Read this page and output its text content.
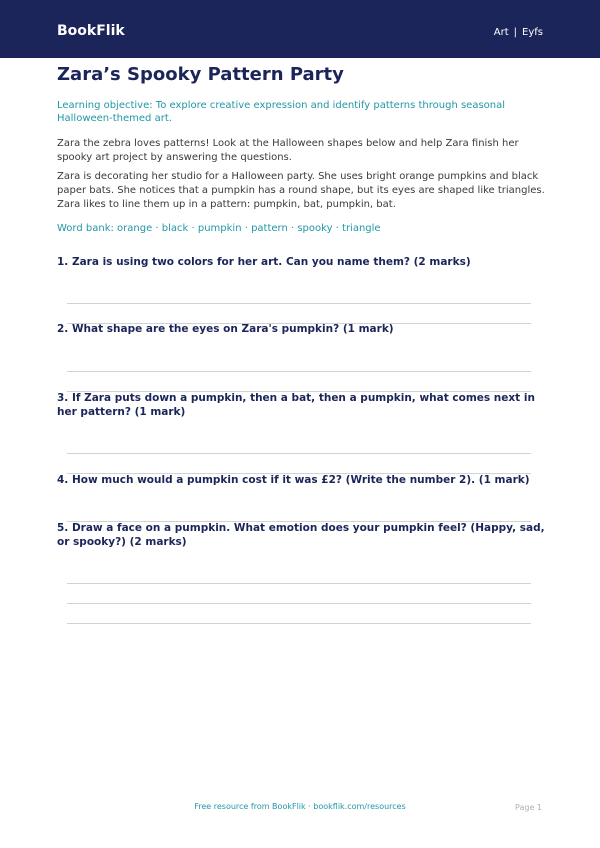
BookFlik	Art | Eyfs
Zara’s Spooky Pattern Party
Learning objective: To explore creative expression and identify patterns through seasonal Halloween-themed art.
Zara the zebra loves patterns! Look at the Halloween shapes below and help Zara finish her spooky art project by answering the questions.
Zara is decorating her studio for a Halloween party. She uses bright orange pumpkins and black paper bats. She notices that a pumpkin has a round shape, but its eyes are shaped like triangles. Zara likes to line them up in a pattern: pumpkin, bat, pumpkin, bat.
Word bank: orange · black · pumpkin · pattern · spooky · triangle
1. Zara is using two colors for her art. Can you name them? (2 marks)
2. What shape are the eyes on Zara's pumpkin? (1 mark)
3. If Zara puts down a pumpkin, then a bat, then a pumpkin, what comes next in her pattern? (1 mark)
4. How much would a pumpkin cost if it was £2? (Write the number 2). (1 mark)
5. Draw a face on a pumpkin. What emotion does your pumpkin feel? (Happy, sad, or spooky?) (2 marks)
Free resource from BookFlik · bookflik.com/resources	Page 1
